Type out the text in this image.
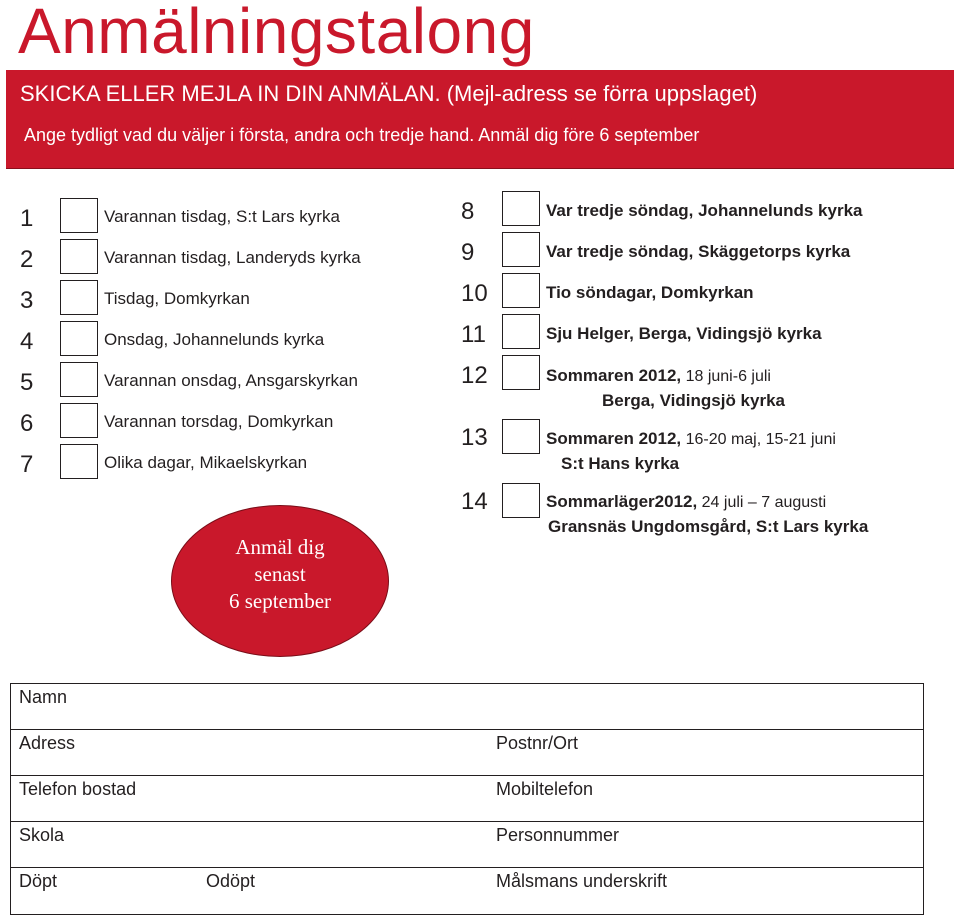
Anmälningstalong
SKICKA ELLER MEJLA IN DIN ANMÄLAN. (Mejl-adress se förra uppslaget)
Ange tydligt vad du väljer i första, andra och tredje hand. Anmäl dig före 6 september
1	Varannan tisdag, S:t Lars kyrka
2	Varannan tisdag, Landeryds kyrka
3	Tisdag, Domkyrkan
4	Onsdag, Johannelunds kyrka
5	Varannan onsdag, Ansgarskyrkan
6	Varannan torsdag, Domkyrkan
7	Olika dagar, Mikaelskyrkan
8	Var tredje söndag, Johannelunds kyrka
9	Var tredje söndag, Skäggetorps kyrka
10	Tio söndagar, Domkyrkan
11	Sju Helger, Berga, Vidingsjö kyrka
12	Sommaren 2012, 18 juni-6 juli
Berga, Vidingsjö kyrka
13	Sommaren 2012, 16-20 maj, 15-21 juni
S:t Hans kyrka
14	Sommarläger2012, 24 juli – 7 augusti
Gransnäs Ungdomsgård, S:t Lars kyrka
Anmäl dig
senast
6 september
Namn
Adress	Postnr/Ort
Telefon bostad	Mobiltelefon
Skola	Personnummer
Döpt	Odöpt	Målsmans underskrift
